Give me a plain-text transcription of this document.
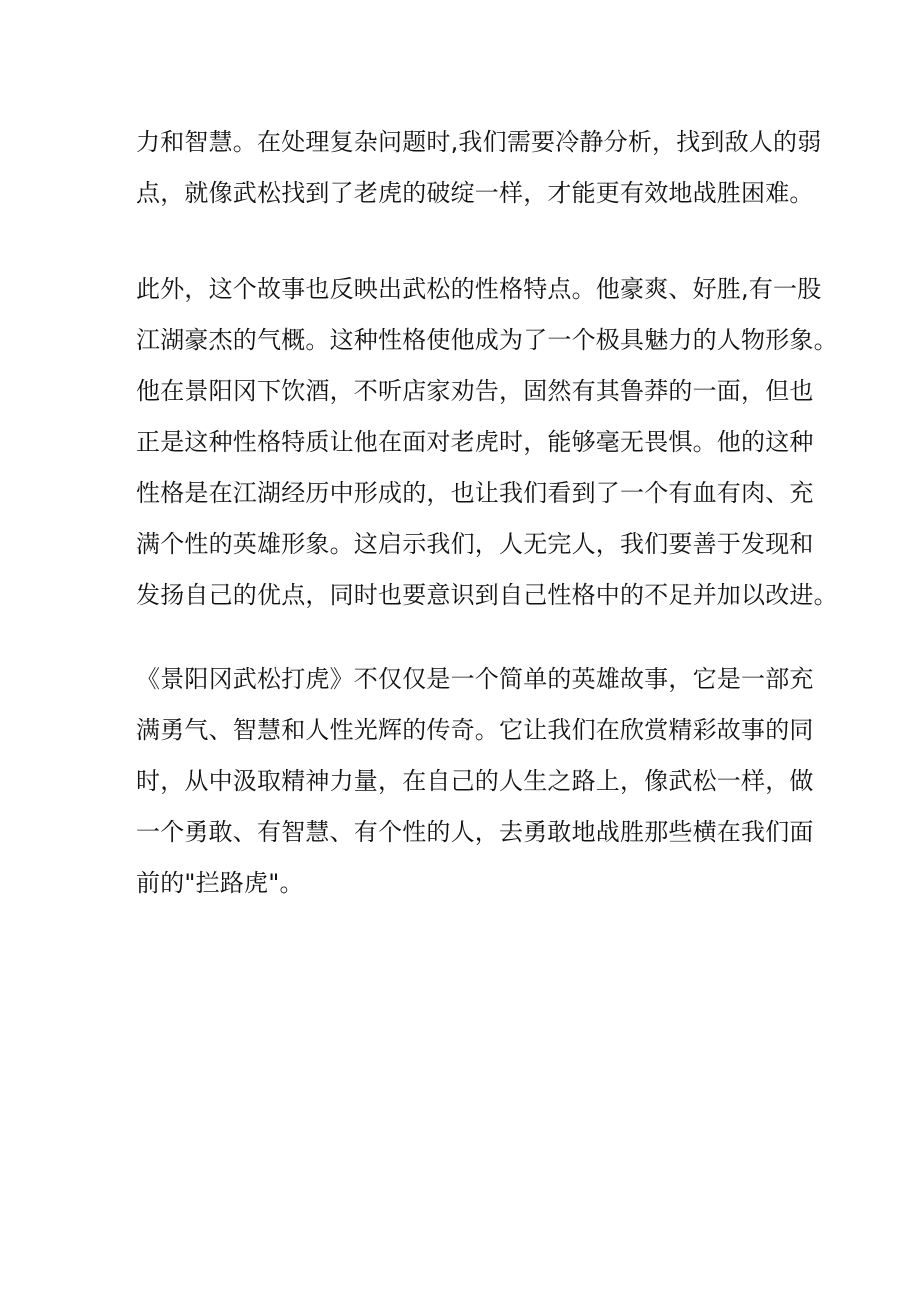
力和智慧。在处理复杂问题时,我们需要冷静分析，找到敌人的弱
点，就像武松找到了老虎的破绽一样，才能更有效地战胜困难。
此外，这个故事也反映出武松的性格特点。他豪爽、好胜,有一股
江湖豪杰的气概。这种性格使他成为了一个极具魅力的人物形象。
他在景阳冈下饮酒，不听店家劝告，固然有其鲁莽的一面，但也
正是这种性格特质让他在面对老虎时，能够毫无畏惧。他的这种
性格是在江湖经历中形成的，也让我们看到了一个有血有肉、充
满个性的英雄形象。这启示我们，人无完人，我们要善于发现和
发扬自己的优点，同时也要意识到自己性格中的不足并加以改进。
《景阳冈武松打虎》不仅仅是一个简单的英雄故事，它是一部充
满勇气、智慧和人性光辉的传奇。它让我们在欣赏精彩故事的同
时，从中汲取精神力量，在自己的人生之路上，像武松一样，做
一个勇敢、有智慧、有个性的人，去勇敢地战胜那些横在我们面
前的"拦路虎"。
